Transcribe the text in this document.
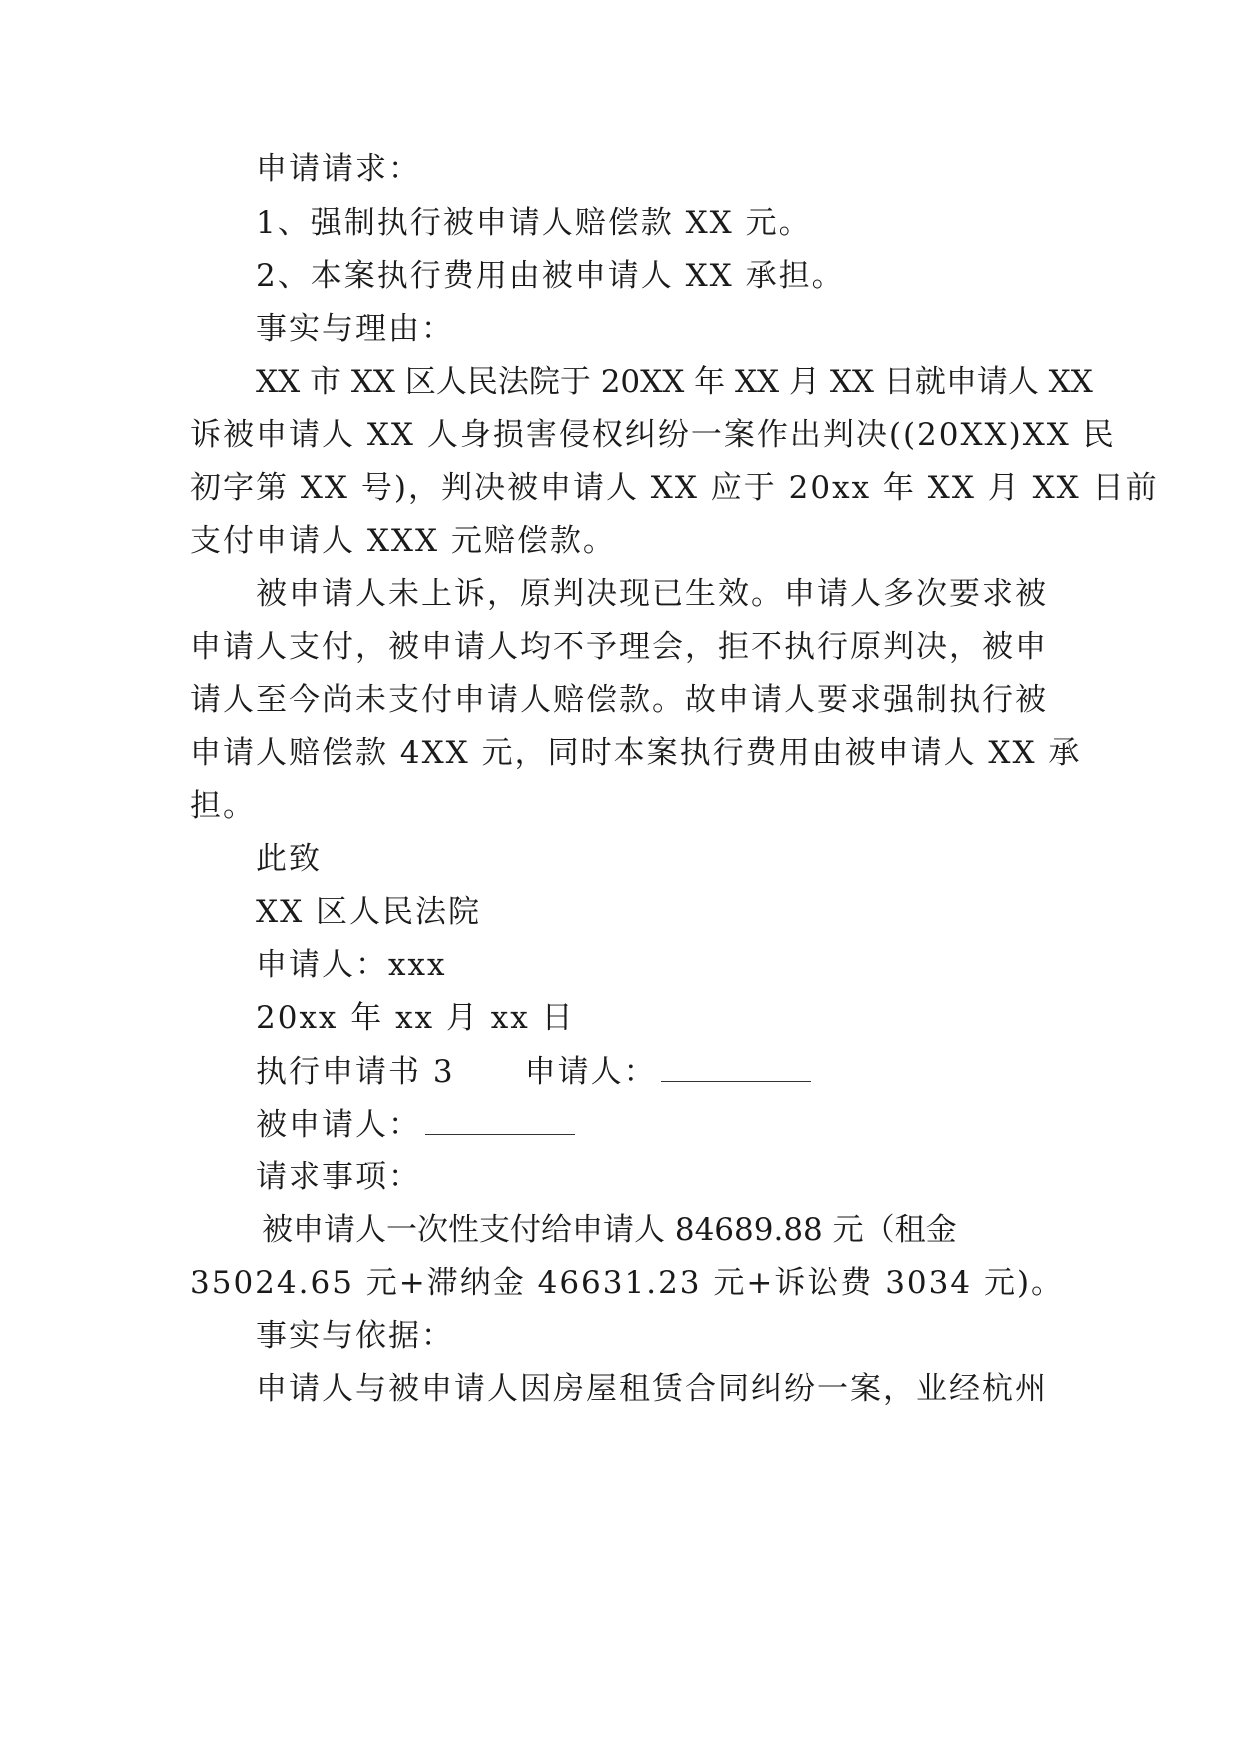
申请请求：
1、强制执行被申请人赔偿款 XX 元。
2、本案执行费用由被申请人 XX 承担。
事实与理由：
XX 市 XX 区人民法院于 20XX 年 XX 月 XX 日就申请人 XX
诉被申请人 XX 人身损害侵权纠纷一案作出判决((20XX)XX 民
初字第 XX 号)，判决被申请人 XX 应于 20xx 年 XX 月 XX 日前
支付申请人 XXX 元赔偿款。
被申请人未上诉，原判决现已生效。申请人多次要求被
申请人支付，被申请人均不予理会，拒不执行原判决，被申
请人至今尚未支付申请人赔偿款。故申请人要求强制执行被
申请人赔偿款 4XX 元，同时本案执行费用由被申请人 XX 承
担。
此致
XX 区人民法院
申请人：xxx
20xx 年 xx 月 xx 日
执行申请书 3 申请人：
被申请人：
请求事项：
被申请人一次性支付给申请人 84689.88 元（租金
35024.65 元+滞纳金 46631.23 元+诉讼费 3034 元)。
事实与依据：
申请人与被申请人因房屋租赁合同纠纷一案，业经杭州
